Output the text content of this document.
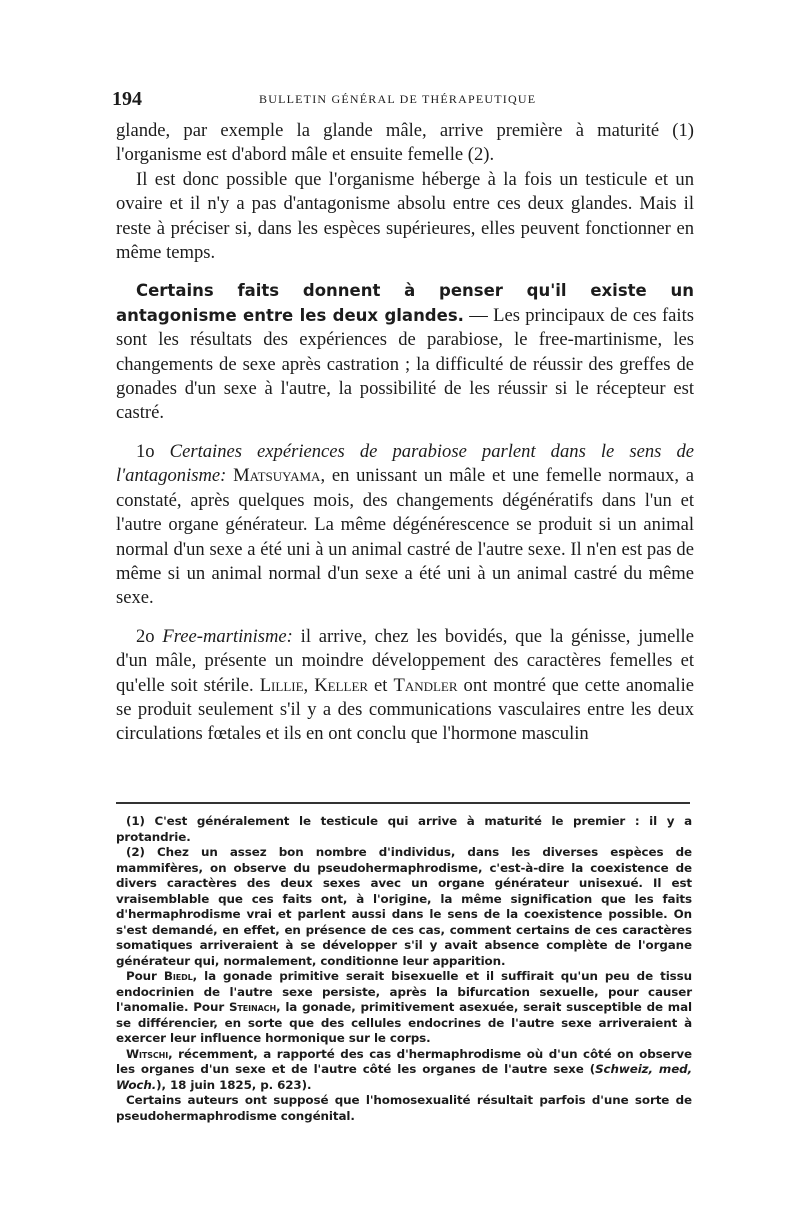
194	BULLETIN GÉNÉRAL DE THÉRAPEUTIQUE

glande, par exemple la glande mâle, arrive première à maturité (1) l'organisme est d'abord mâle et ensuite femelle (2).

Il est donc possible que l'organisme héberge à la fois un testicule et un ovaire et il n'y a pas d'antagonisme absolu entre ces deux glandes. Mais il reste à préciser si, dans les espèces supérieures, elles peuvent fonctionner en même temps.

Certains faits donnent à penser qu'il existe un antagonisme entre les deux glandes. — Les principaux de ces faits sont les résultats des expériences de parabiose, le free-martinisme, les changements de sexe après castration ; la difficulté de réussir des greffes de gonades d'un sexe à l'autre, la possibilité de les réussir si le récepteur est castré.

1o Certaines expériences de parabiose parlent dans le sens de l'antagonisme: Matsuyama, en unissant un mâle et une femelle normaux, a constaté, après quelques mois, des changements dégénératifs dans l'un et l'autre organe générateur. La même dégénérescence se produit si un animal normal d'un sexe a été uni à un animal castré de l'autre sexe. Il n'en est pas de même si un animal normal d'un sexe a été uni à un animal castré du même sexe.

2o Free-martinisme: il arrive, chez les bovidés, que la génisse, jumelle d'un mâle, présente un moindre développement des caractères femelles et qu'elle soit stérile. Lillie, Keller et Tandler ont montré que cette anomalie se produit seulement s'il y a des communications vasculaires entre les deux circulations fœtales et ils en ont conclu que l'hormone masculin

(1) C'est généralement le testicule qui arrive à maturité le premier : il y a protandrie.

(2) Chez un assez bon nombre d'individus, dans les diverses espèces de mammifères, on observe du pseudohermaphrodisme, c'est-à-dire la coexistence de divers caractères des deux sexes avec un organe générateur unisexué. Il est vraisemblable que ces faits ont, à l'origine, la même signification que les faits d'hermaphrodisme vrai et parlent aussi dans le sens de la coexistence possible. On s'est demandé, en effet, en présence de ces cas, comment certains de ces caractères somatiques arriveraient à se développer s'il y avait absence complète de l'organe générateur qui, normalement, conditionne leur apparition.

Pour Biedl, la gonade primitive serait bisexuelle et il suffirait qu'un peu de tissu endocrinien de l'autre sexe persiste, après la bifurcation sexuelle, pour causer l'anomalie. Pour Steinach, la gonade, primitivement asexuée, serait susceptible de mal se différencier, en sorte que des cellules endocrines de l'autre sexe arriveraient à exercer leur influence hormonique sur le corps.

Witschi, récemment, a rapporté des cas d'hermaphrodisme où d'un côté on observe les organes d'un sexe et de l'autre côté les organes de l'autre sexe (Schweiz, med, Woch.), 18 juin 1825, p. 623).

Certains auteurs ont supposé que l'homosexualité résultait parfois d'une sorte de pseudohermaphrodisme congénital.
